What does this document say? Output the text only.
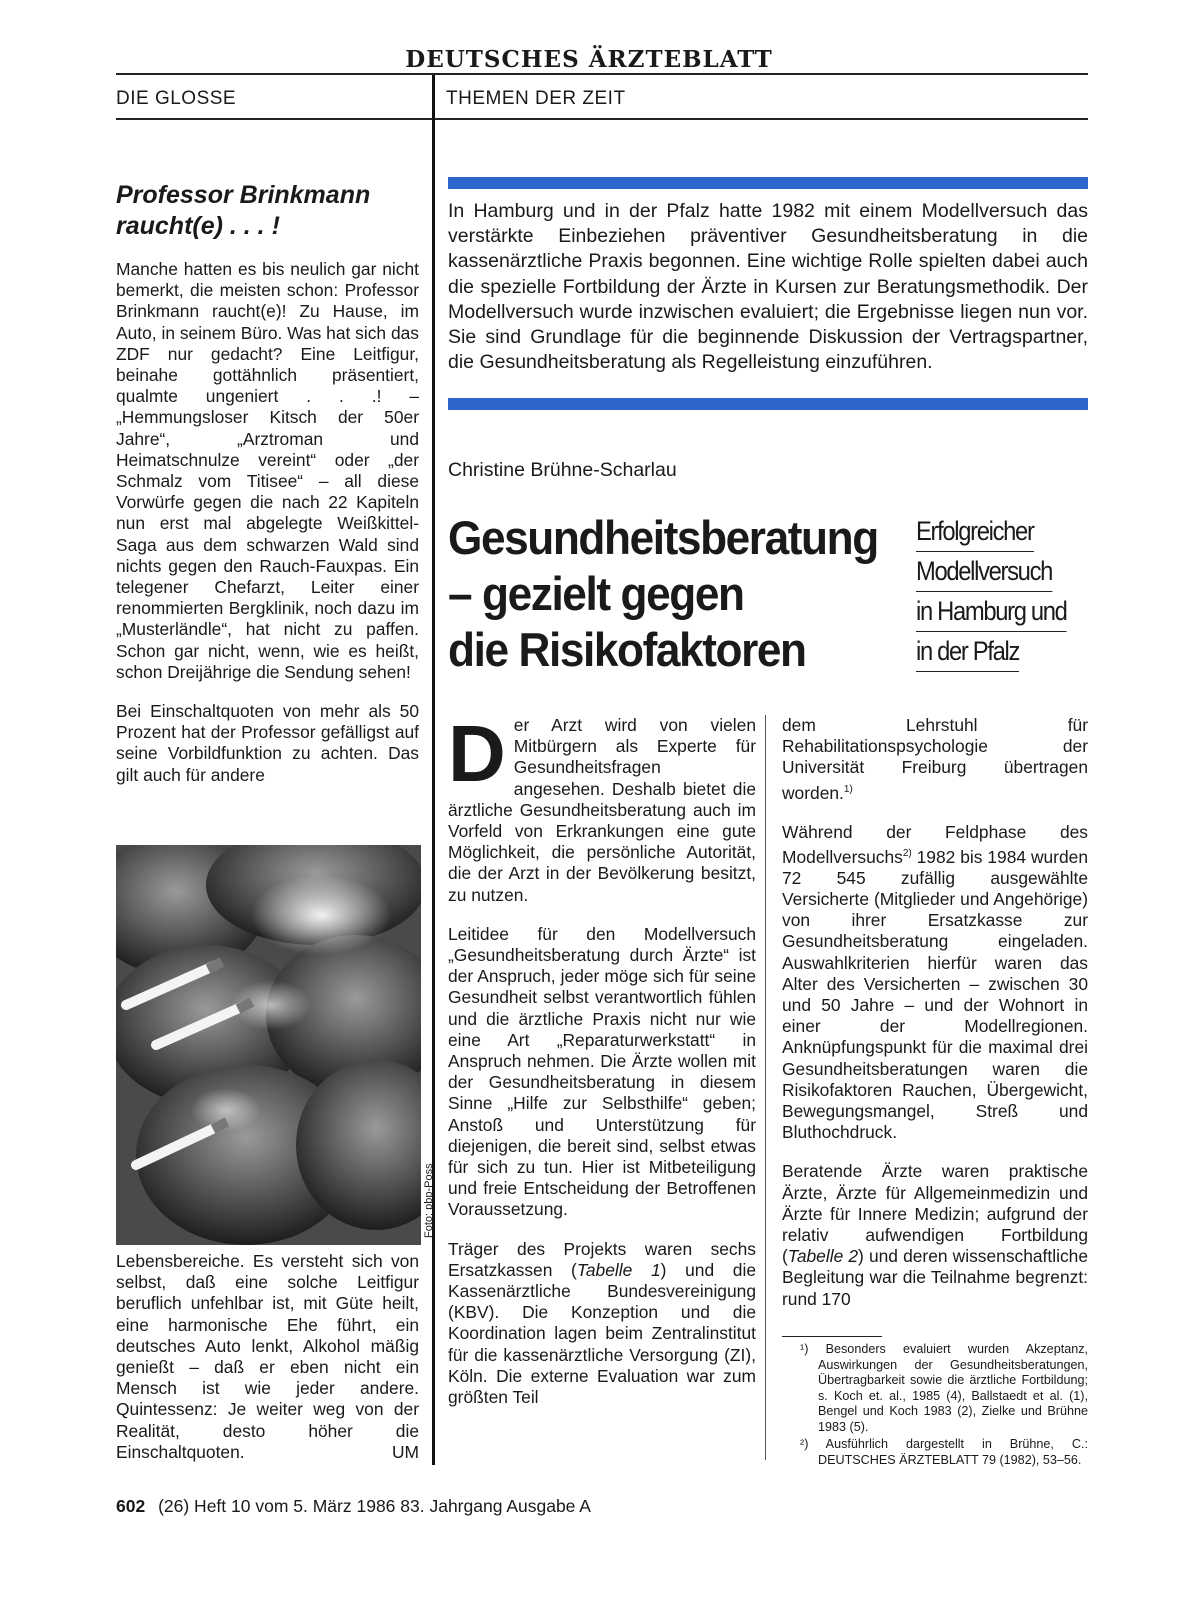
DEUTSCHES ÄRZTEBLATT
DIE GLOSSE	THEMEN DER ZEIT
Professor Brinkmann
raucht(e) . . . !

Manche hatten es bis neulich gar nicht bemerkt, die meisten schon: Professor Brinkmann raucht(e)! Zu Hause, im Auto, in seinem Büro. Was hat sich das ZDF nur gedacht? Eine Leitfigur, beinahe gottähnlich präsentiert, qualmte ungeniert . . .! – „Hemmungsloser Kitsch der 50er Jahre“, „Arztroman und Heimatschnulze vereint“ oder „der Schmalz vom Titisee“ – all diese Vorwürfe gegen die nach 22 Kapiteln nun erst mal abgelegte Weißkittel-Saga aus dem schwarzen Wald sind nichts gegen den Rauch-Fauxpas. Ein telegener Chefarzt, Leiter einer renommierten Bergklinik, noch dazu im „Musterländle“, hat nicht zu paffen. Schon gar nicht, wenn, wie es heißt, schon Dreijährige die Sendung sehen!

Bei Einschaltquoten von mehr als 50 Prozent hat der Professor gefälligst auf seine Vorbildfunktion zu achten. Das gilt auch für andere

Foto: pbp-Poss

Lebensbereiche. Es versteht sich von selbst, daß eine solche Leitfigur beruflich unfehlbar ist, mit Güte heilt, eine harmonische Ehe führt, ein deutsches Auto lenkt, Alkohol mäßig genießt – daß er eben nicht ein Mensch ist wie jeder andere. Quintessenz: Je weiter weg von der Realität, desto höher die Einschaltquoten.	UM

In Hamburg und in der Pfalz hatte 1982 mit einem Modellversuch das verstärkte Einbeziehen präventiver Gesundheitsberatung in die kassenärztliche Praxis begonnen. Eine wichtige Rolle spielten dabei auch die spezielle Fortbildung der Ärzte in Kursen zur Beratungsmethodik. Der Modellversuch wurde inzwischen evaluiert; die Ergebnisse liegen nun vor. Sie sind Grundlage für die beginnende Diskussion der Vertragspartner, die Gesundheitsberatung als Regelleistung einzuführen.
Christine Brühne-Scharlau
Gesundheitsberatung
– gezielt gegen
die Risikofaktoren
Erfolgreicher
Modellversuch
in Hamburg und
in der Pfalz

Der Arzt wird von vielen Mitbürgern als Experte für Gesundheitsfragen angesehen. Deshalb bietet die ärztliche Gesundheitsberatung auch im Vorfeld von Erkrankungen eine gute Möglichkeit, die persönliche Autorität, die der Arzt in der Bevölkerung besitzt, zu nutzen.

Leitidee für den Modellversuch „Gesundheitsberatung durch Ärzte“ ist der Anspruch, jeder möge sich für seine Gesundheit selbst verantwortlich fühlen und die ärztliche Praxis nicht nur wie eine Art „Reparaturwerkstatt“ in Anspruch nehmen. Die Ärzte wollen mit der Gesundheitsberatung in diesem Sinne „Hilfe zur Selbsthilfe“ geben; Anstoß und Unterstützung für diejenigen, die bereit sind, selbst etwas für sich zu tun. Hier ist Mitbeteiligung und freie Entscheidung der Betroffenen Voraussetzung.

Träger des Projekts waren sechs Ersatzkassen (Tabelle 1) und die Kassenärztliche Bundesvereinigung (KBV). Die Konzeption und die Koordination lagen beim Zentralinstitut für die kassenärztliche Versorgung (ZI), Köln. Die externe Evaluation war zum größten Teil

dem Lehrstuhl für Rehabilitationspsychologie der Universität Freiburg übertragen worden.$^{1)}$

Während der Feldphase des Modellversuchs$^{2)}$ 1982 bis 1984 wurden 72 545 zufällig ausgewählte Versicherte (Mitglieder und Angehörige) von ihrer Ersatzkasse zur Gesundheitsberatung eingeladen. Auswahlkriterien hierfür waren das Alter des Versicherten – zwischen 30 und 50 Jahre – und der Wohnort in einer der Modellregionen. Anknüpfungspunkt für die maximal drei Gesundheitsberatungen waren die Risikofaktoren Rauchen, Übergewicht, Bewegungsmangel, Streß und Bluthochdruck.

Beratende Ärzte waren praktische Ärzte, Ärzte für Allgemeinmedizin und Ärzte für Innere Medizin; aufgrund der relativ aufwendigen Fortbildung (Tabelle 2) und deren wissenschaftliche Begleitung war die Teilnahme begrenzt: rund 170

¹) Besonders evaluiert wurden Akzeptanz, Auswirkungen der Gesundheitsberatungen, Übertragbarkeit sowie die ärztliche Fortbildung; s. Koch et. al., 1985 (4), Ballstaedt et al. (1), Bengel und Koch 1983 (2), Zielke und Brühne 1983 (5).

²) Ausführlich dargestellt in Brühne, C.: DEUTSCHES ÄRZTEBLATT 79 (1982), 53–56.

602 (26) Heft 10 vom 5. März 1986 83. Jahrgang Ausgabe A
